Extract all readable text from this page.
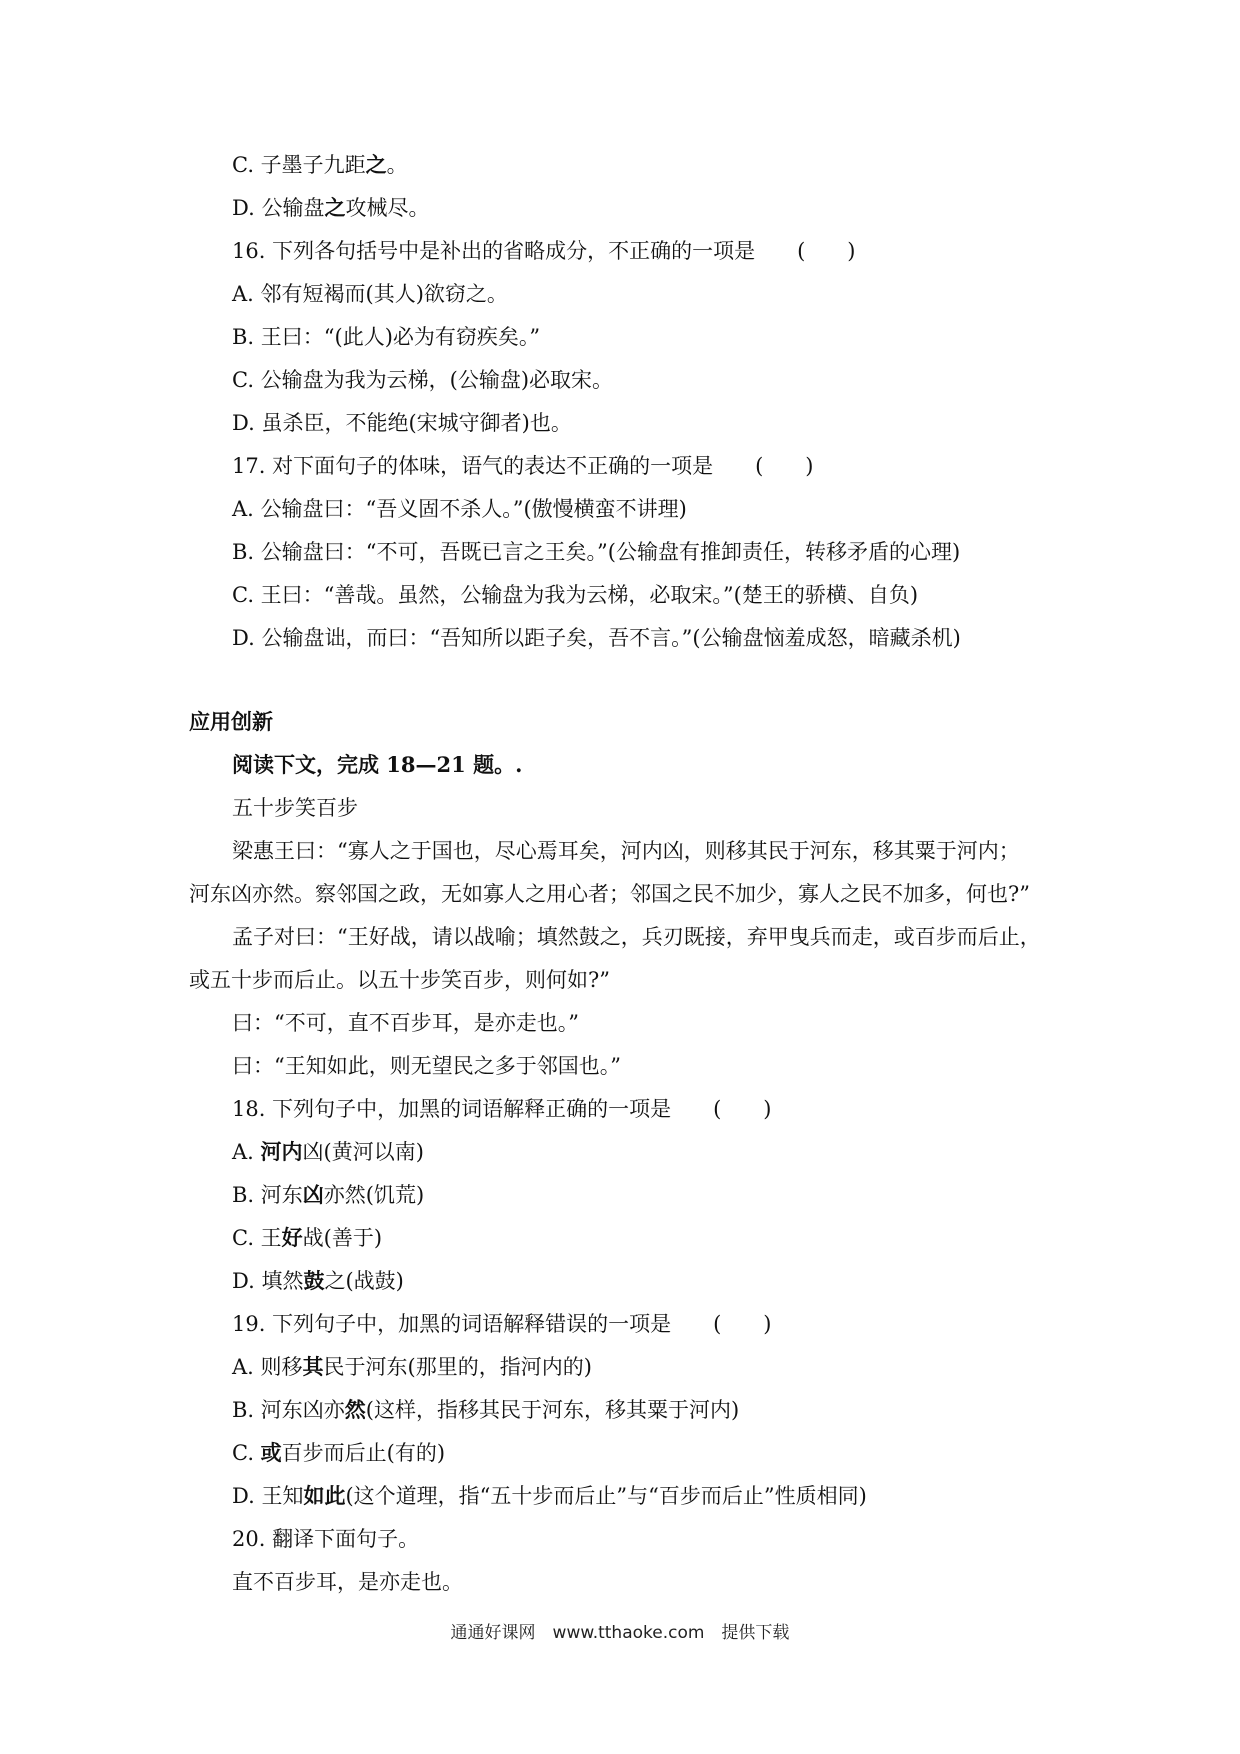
C. 子墨子九距之。
D. 公输盘之攻械尽。
16. 下列各句括号中是补出的省略成分，不正确的一项是　　(　　)
A. 邻有短褐而(其人)欲窃之。
B. 王曰：“(此人)必为有窃疾矣。”
C. 公输盘为我为云梯，(公输盘)必取宋。
D. 虽杀臣，不能绝(宋城守御者)也。
17. 对下面句子的体味，语气的表达不正确的一项是　　(　　)
A. 公输盘曰：“吾义固不杀人。”(傲慢横蛮不讲理)
B. 公输盘曰：“不可，吾既已言之王矣。”(公输盘有推卸责任，转移矛盾的心理)
C. 王曰：“善哉。虽然，公输盘为我为云梯，必取宋。”(楚王的骄横、自负)
D. 公输盘诎，而曰：“吾知所以距子矣，吾不言。”(公输盘恼羞成怒，暗藏杀机)
应用创新
阅读下文，完成 18—21 题。.
五十步笑百步
梁惠王曰：“寡人之于国也，尽心焉耳矣，河内凶，则移其民于河东，移其粟于河内；
河东凶亦然。察邻国之政，无如寡人之用心者；邻国之民不加少，寡人之民不加多，何也?”
孟子对曰：“王好战，请以战喻；填然鼓之，兵刃既接，弃甲曳兵而走，或百步而后止，
或五十步而后止。以五十步笑百步，则何如?”
曰：“不可，直不百步耳，是亦走也。”
曰：“王知如此，则无望民之多于邻国也。”
18. 下列句子中，加黑的词语解释正确的一项是　　(　　)
A. 河内凶(黄河以南)
B. 河东凶亦然(饥荒)
C. 王好战(善于)
D. 填然鼓之(战鼓)
19. 下列句子中，加黑的词语解释错误的一项是　　(　　)
A. 则移其民于河东(那里的，指河内的)
B. 河东凶亦然(这样，指移其民于河东，移其粟于河内)
C. 或百步而后止(有的)
D. 王知如此(这个道理，指“五十步而后止”与“百步而后止”性质相同)
20. 翻译下面句子。
直不百步耳，是亦走也。
通通好课网　www.tthaoke.com　提供下载
